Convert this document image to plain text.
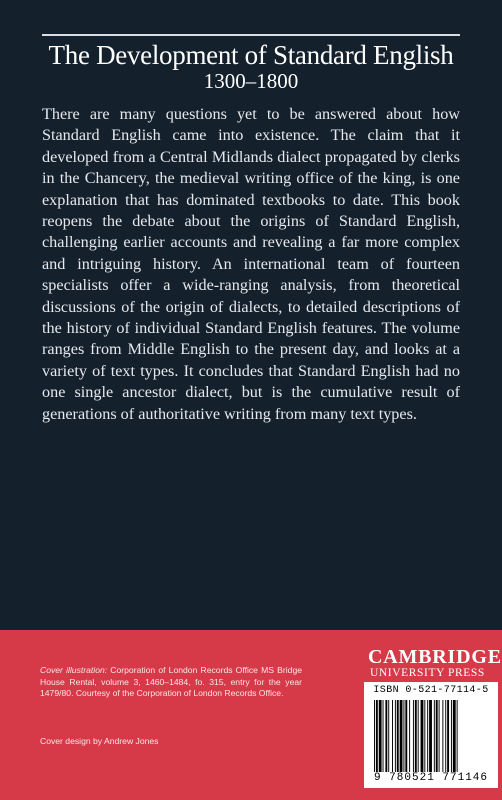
The Development of Standard English
1300–1800
There are many questions yet to be answered about how Standard English came into existence. The claim that it developed from a Central Midlands dialect propagated by clerks in the Chancery, the medieval writing office of the king, is one explanation that has dominated textbooks to date. This book reopens the debate about the origins of Standard English, challenging earlier accounts and revealing a far more complex and intriguing history. An international team of fourteen specialists offer a wide-ranging analysis, from theoretical discussions of the origin of dialects, to detailed descriptions of the history of individual Standard English features. The volume ranges from Middle English to the present day, and looks at a variety of text types. It concludes that Standard English had no one single ancestor dialect, but is the cumulative result of generations of authoritative writing from many text types.
Cover illustration: Corporation of London Records Office MS Bridge House Rental, volume 3, 1460–1484, fo. 315, entry for the year 1479/80. Courtesy of the Corporation of London Records Office.
Cover design by Andrew Jones
CAMBRIDGE
UNIVERSITY PRESS
ISBN 0-521-77114-5
9 780521 771146
